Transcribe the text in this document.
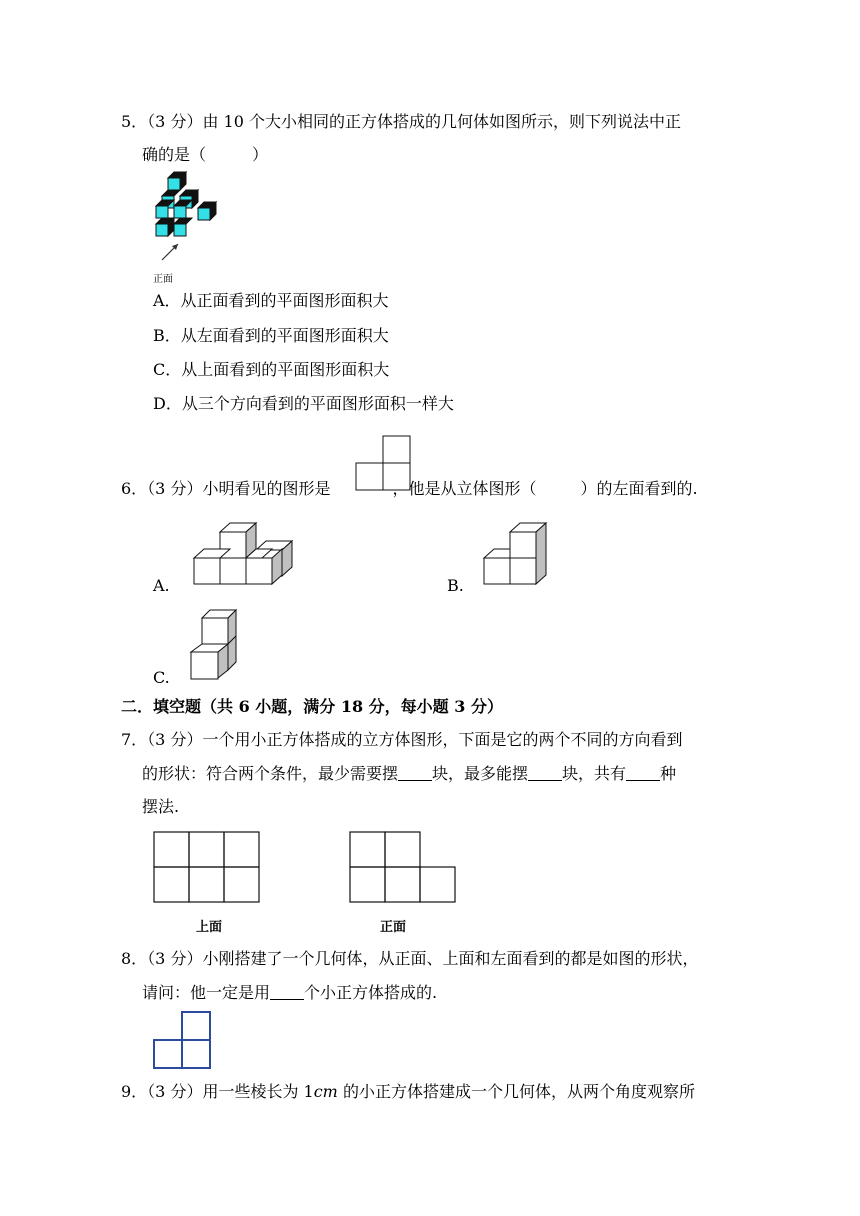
5．（3 分）由 10 个大小相同的正方体搭成的几何体如图所示，则下列说法中正
确的是（	）
正面
A．从正面看到的平面图形面积大
B．从左面看到的平面图形面积大
C．从上面看到的平面图形面积大
D．从三个方向看到的平面图形面积一样大
6．（3 分）小明看见的图形是	，他是从立体图形（	）的左面看到的.
A.	B.
C.
二．填空题（共 6 小题，满分 18 分，每小题 3 分）
7．（3 分）一个用小正方体搭成的立方体图形，下面是它的两个不同的方向看到
的形状：符合两个条件，最少需要摆 块，最多能摆 块，共有 种
摆法.
上面	正面
8．（3 分）小刚搭建了一个几何体，从正面、上面和左面看到的都是如图的形状，
请问：他一定是用 个小正方体搭成的.
9．（3 分）用一些棱长为 1cm 的小正方体搭建成一个几何体，从两个角度观察所
